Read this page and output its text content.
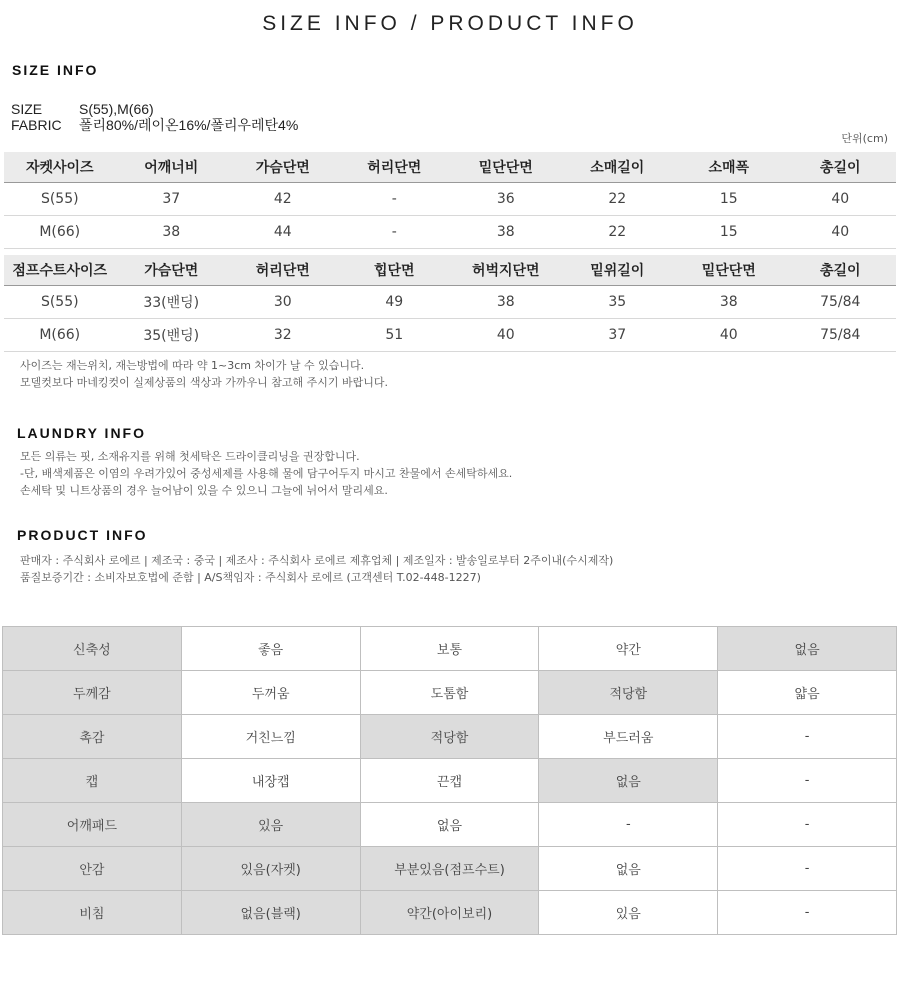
SIZE INFO / PRODUCT INFO
SIZE INFO
SIZE	S(55),M(66)
FABRIC	폴리80%/레이온16%/폴리우레탄4%
단위(cm)
자켓사이즈	어깨너비	가슴단면	허리단면	밑단단면	소매길이	소매폭	총길이
S(55)	37	42	-	36	22	15	40
M(66)	38	44	-	38	22	15	40
점프수트사이즈	가슴단면	허리단면	힙단면	허벅지단면	밑위길이	밑단단면	총길이
S(55)	33(밴딩)	30	49	38	35	38	75/84
M(66)	35(밴딩)	32	51	40	37	40	75/84
사이즈는 재는위치, 재는방법에 따라 약 1~3cm 차이가 날 수 있습니다.
모델컷보다 마네킹컷이 실제상품의 색상과 가까우니 참고해 주시기 바랍니다.
LAUNDRY INFO
모든 의류는 핏, 소재유지를 위해 첫세탁은 드라이클리닝을 권장합니다.
-단, 배색제품은 이염의 우려가있어 중성세제를 사용해 물에 담구어두지 마시고 찬물에서 손세탁하세요.
손세탁 및 니트상품의 경우 늘어남이 있을 수 있으니 그늘에 뉘어서 말리세요.
PRODUCT INFO
판매자 : 주식회사 로에르 | 제조국 : 중국 | 제조사 : 주식회사 로에르 제휴업체 | 제조일자 : 발송일로부터 2주이내(수시제작)
품질보증기간 : 소비자보호법에 준함 | A/S책임자 : 주식회사 로에르 (고객센터 T.02-448-1227)
신축성	좋음	보통	약간	없음
두께감	두꺼움	도톰함	적당함	얇음
촉감	거친느낌	적당함	부드러움	-
캡	내장캡	끈캡	없음	-
어깨패드	있음	없음	-	-
안감	있음(자켓)	부분있음(점프수트)	없음	-
비침	없음(블랙)	약간(아이보리)	있음	-
